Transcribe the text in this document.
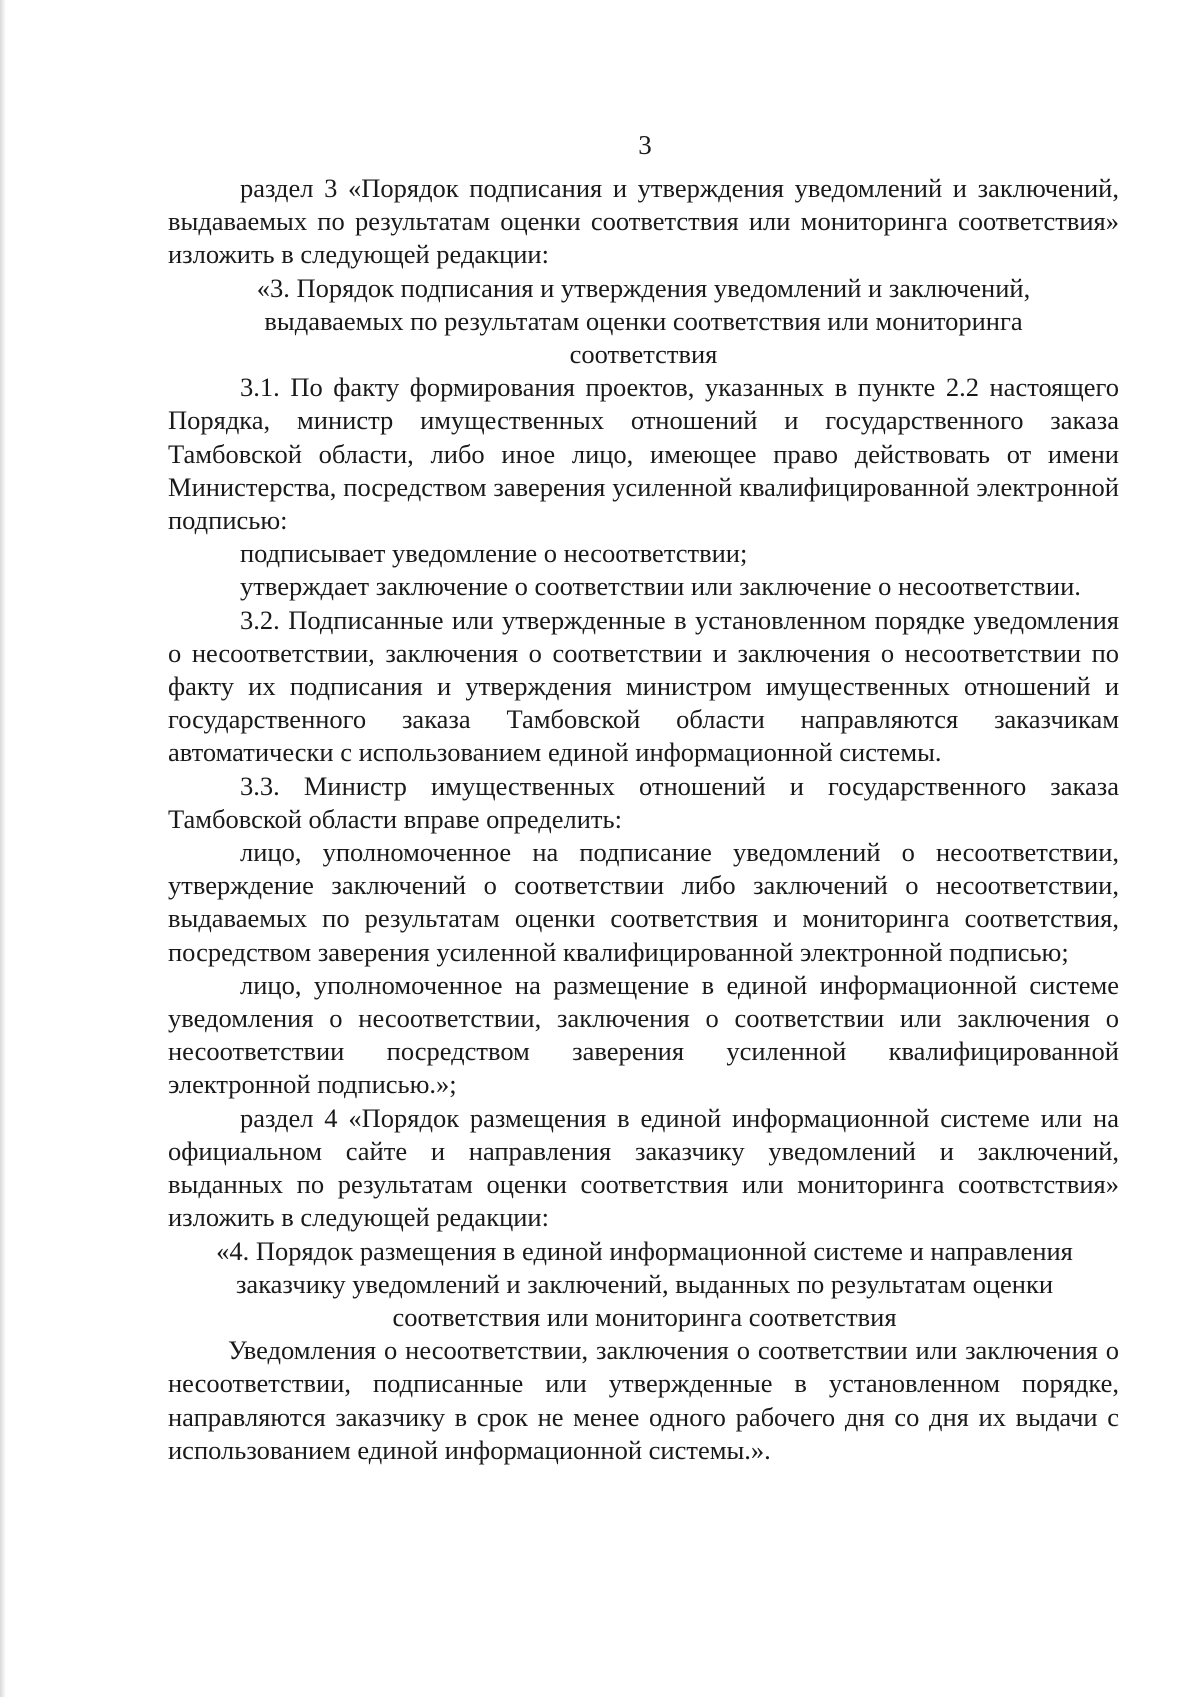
3

раздел 3 «Порядок подписания и утверждения уведомлений и заключений, выдаваемых по результатам оценки соответствия или мониторинга соответствия» изложить в следующей редакции:

«3. Порядок подписания и утверждения уведомлений и заключений, выдаваемых по результатам оценки соответствия или мониторинга соответствия

3.1. По факту формирования проектов, указанных в пункте 2.2 настоящего Порядка, министр имущественных отношений и государственного заказа Тамбовской области, либо иное лицо, имеющее право действовать от имени Министерства, посредством заверения усиленной квалифицированной электронной подписью:

подписывает уведомление о несоответствии;

утверждает заключение о соответствии или заключение о несоответствии.

3.2. Подписанные или утвержденные в установленном порядке уведомления о несоответствии, заключения о соответствии и заключения о несоответствии по факту их подписания и утверждения министром имущественных отношений и государственного заказа Тамбовской области направляются заказчикам автоматически с использованием единой информационной системы.

3.3. Министр имущественных отношений и государственного заказа Тамбовской области вправе определить:

лицо, уполномоченное на подписание уведомлений о несоответствии, утверждение заключений о соответствии либо заключений о несоответствии, выдаваемых по результатам оценки соответствия и мониторинга соответствия, посредством заверения усиленной квалифицированной электронной подписью;

лицо, уполномоченное на размещение в единой информационной системе уведомления о несоответствии, заключения о соответствии или заключения о несоответствии посредством заверения усиленной квалифицированной электронной подписью.»;

раздел 4 «Порядок размещения в единой информационной системе или на официальном сайте и направления заказчику уведомлений и заключений, выданных по результатам оценки соответствия или мониторинга соотвстствия» изложить в следующей редакции:

«4. Порядок размещения в единой информационной системе и направления заказчику уведомлений и заключений, выданных по результатам оценки соответствия или мониторинга соответствия

Уведомления о несоответствии, заключения о соответствии или заключения о несоответствии, подписанные или утвержденные в установленном порядке, направляются заказчику в срок не менее одного рабочего дня со дня их выдачи с использованием единой информационной системы.».
